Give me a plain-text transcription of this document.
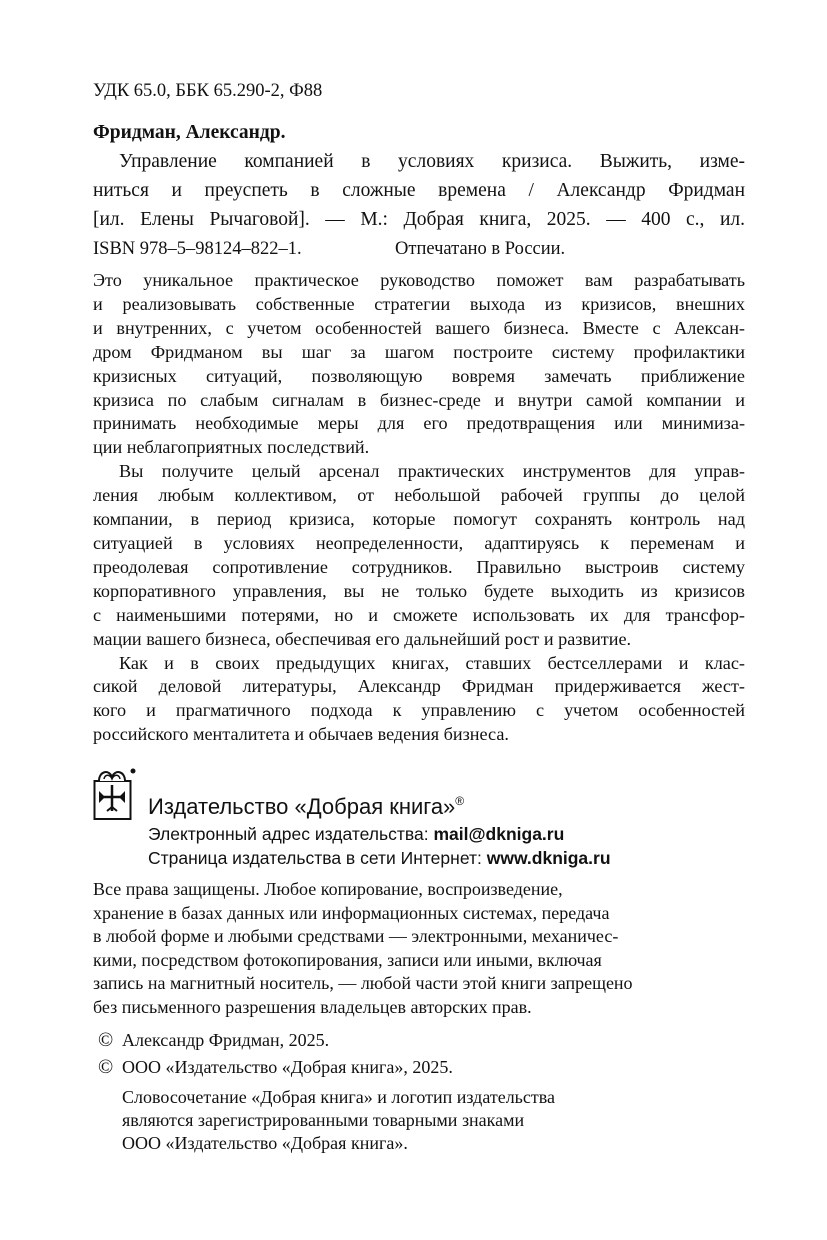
УДК 65.0, ББК 65.290-2, Ф88
Фридман, Александр.
Управление компанией в условиях кризиса. Выжить, изме-
ниться и преуспеть в сложные времена / Александр Фридман
[ил. Елены Рычаговой]. — М.: Добрая книга, 2025. — 400 с., ил.
ISBN 978–5–98124–822–1.	Отпечатано в России.
Это уникальное практическое руководство поможет вам разрабатывать
и реализовывать собственные стратегии выхода из кризисов, внешних
и внутренних, с учетом особенностей вашего бизнеса. Вместе с Алексан-
дром Фридманом вы шаг за шагом построите систему профилактики
кризисных ситуаций, позволяющую вовремя замечать приближение
кризиса по слабым сигналам в бизнес-среде и внутри самой компании и
принимать необходимые меры для его предотвращения или минимиза-
ции неблагоприятных последствий.
Вы получите целый арсенал практических инструментов для управ-
ления любым коллективом, от небольшой рабочей группы до целой
компании, в период кризиса, которые помогут сохранять контроль над
ситуацией в условиях неопределенности, адаптируясь к переменам и
преодолевая сопротивление сотрудников. Правильно выстроив систему
корпоративного управления, вы не только будете выходить из кризисов
с наименьшими потерями, но и сможете использовать их для трансфор-
мации вашего бизнеса, обеспечивая его дальнейший рост и развитие.
Как и в своих предыдущих книгах, ставших бестселлерами и клас-
сикой деловой литературы, Александр Фридман придерживается жест-
кого и прагматичного подхода к управлению с учетом особенностей
российского менталитета и обычаев ведения бизнеса.
Издательство «Добрая книга»®
Электронный адрес издательства: mail@dkniga.ru
Страница издательства в сети Интернет: www.dkniga.ru
Все права защищены. Любое копирование, воспроизведение,
хранение в базах данных или информационных системах, передача
в любой форме и любыми средствами — электронными, механичес-
кими, посредством фотокопирования, записи или иными, включая
запись на магнитный носитель, — любой части этой книги запрещено
без письменного разрешения владельцев авторских прав.
© Александр Фридман, 2025.
© ООО «Издательство «Добрая книга», 2025.
Словосочетание «Добрая книга» и логотип издательства
являются зарегистрированными товарными знаками
ООО «Издательство «Добрая книга».
